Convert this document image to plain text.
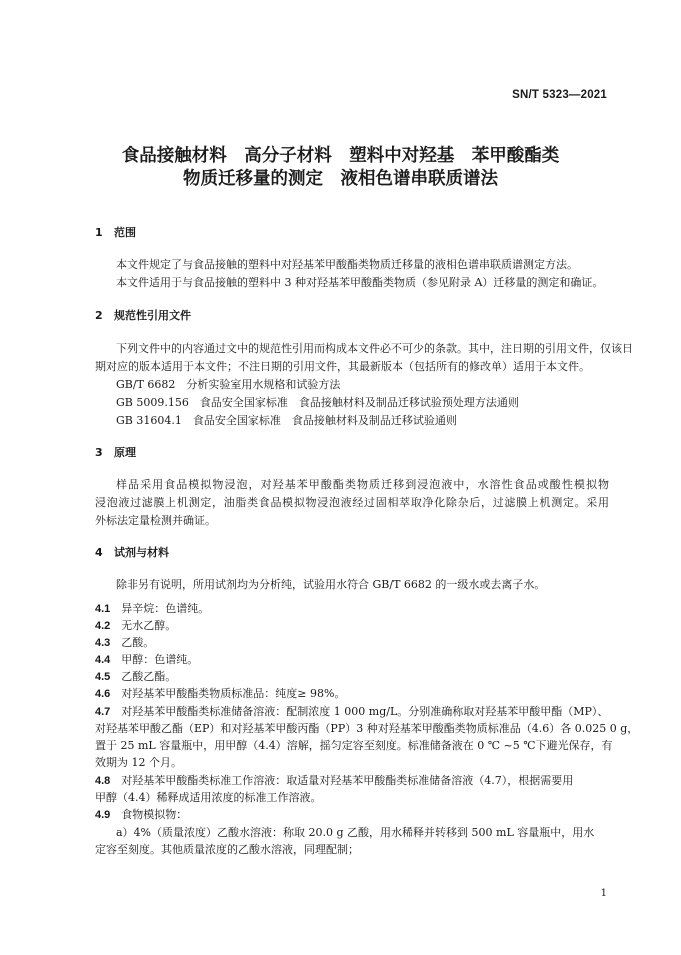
SN/T 5323—2021
食品接触材料　高分子材料　塑料中对羟基　苯甲酸酯类
物质迁移量的测定　液相色谱串联质谱法
1 范围
本文件规定了与食品接触的塑料中对羟基苯甲酸酯类物质迁移量的液相色谱串联质谱测定方法。
本文件适用于与食品接触的塑料中 3 种对羟基苯甲酸酯类物质（参见附录 A）迁移量的测定和确证。
2 规范性引用文件
下列文件中的内容通过文中的规范性引用而构成本文件必不可少的条款。其中，注日期的引用文件，仅该日
期对应的版本适用于本文件；不注日期的引用文件，其最新版本（包括所有的修改单）适用于本文件。
GB/T 6682　分析实验室用水规格和试验方法
GB 5009.156　食品安全国家标准　食品接触材料及制品迁移试验预处理方法通则
GB 31604.1　食品安全国家标准　食品接触材料及制品迁移试验通则
3 原理
样品采用食品模拟物浸泡，对羟基苯甲酸酯类物质迁移到浸泡液中，水溶性食品或酸性模拟物
浸泡液过滤膜上机测定，油脂类食品模拟物浸泡液经过固相萃取净化除杂后，过滤膜上机测定。采用
外标法定量检测并确证。
4 试剂与材料
除非另有说明，所用试剂均为分析纯，试验用水符合 GB/T 6682 的一级水或去离子水。
4.1　 异辛烷：色谱纯。
4.2　 无水乙醇。
4.3　 乙酸。
4.4　 甲醇：色谱纯。
4.5　 乙酸乙酯。
4.6　 对羟基苯甲酸酯类物质标准品：纯度≥ 98%。
4.7　 对羟基苯甲酸酯类标准储备溶液：配制浓度 1 000 mg/L。分别准确称取对羟基苯甲酸甲酯（MP）、
对羟基苯甲酸乙酯（EP）和对羟基苯甲酸丙酯（PP）3 种对羟基苯甲酸酯类物质标准品（4.6）各 0.025 0 g，
置于 25 mL 容量瓶中，用甲醇（4.4）溶解，摇匀定容至刻度。标准储备液在 0 ℃ ~5 ℃下避光保存，有
效期为 12 个月。
4.8　 对羟基苯甲酸酯类标准工作溶液：取适量对羟基苯甲酸酯类标准储备溶液（4.7），根据需要用
甲醇（4.4）稀释成适用浓度的标准工作溶液。
4.9　 食物模拟物：
a）4%（质量浓度）乙酸水溶液：称取 20.0 g 乙酸，用水稀释并转移到 500 mL 容量瓶中，用水
定容至刻度。其他质量浓度的乙酸水溶液，同理配制；
1
